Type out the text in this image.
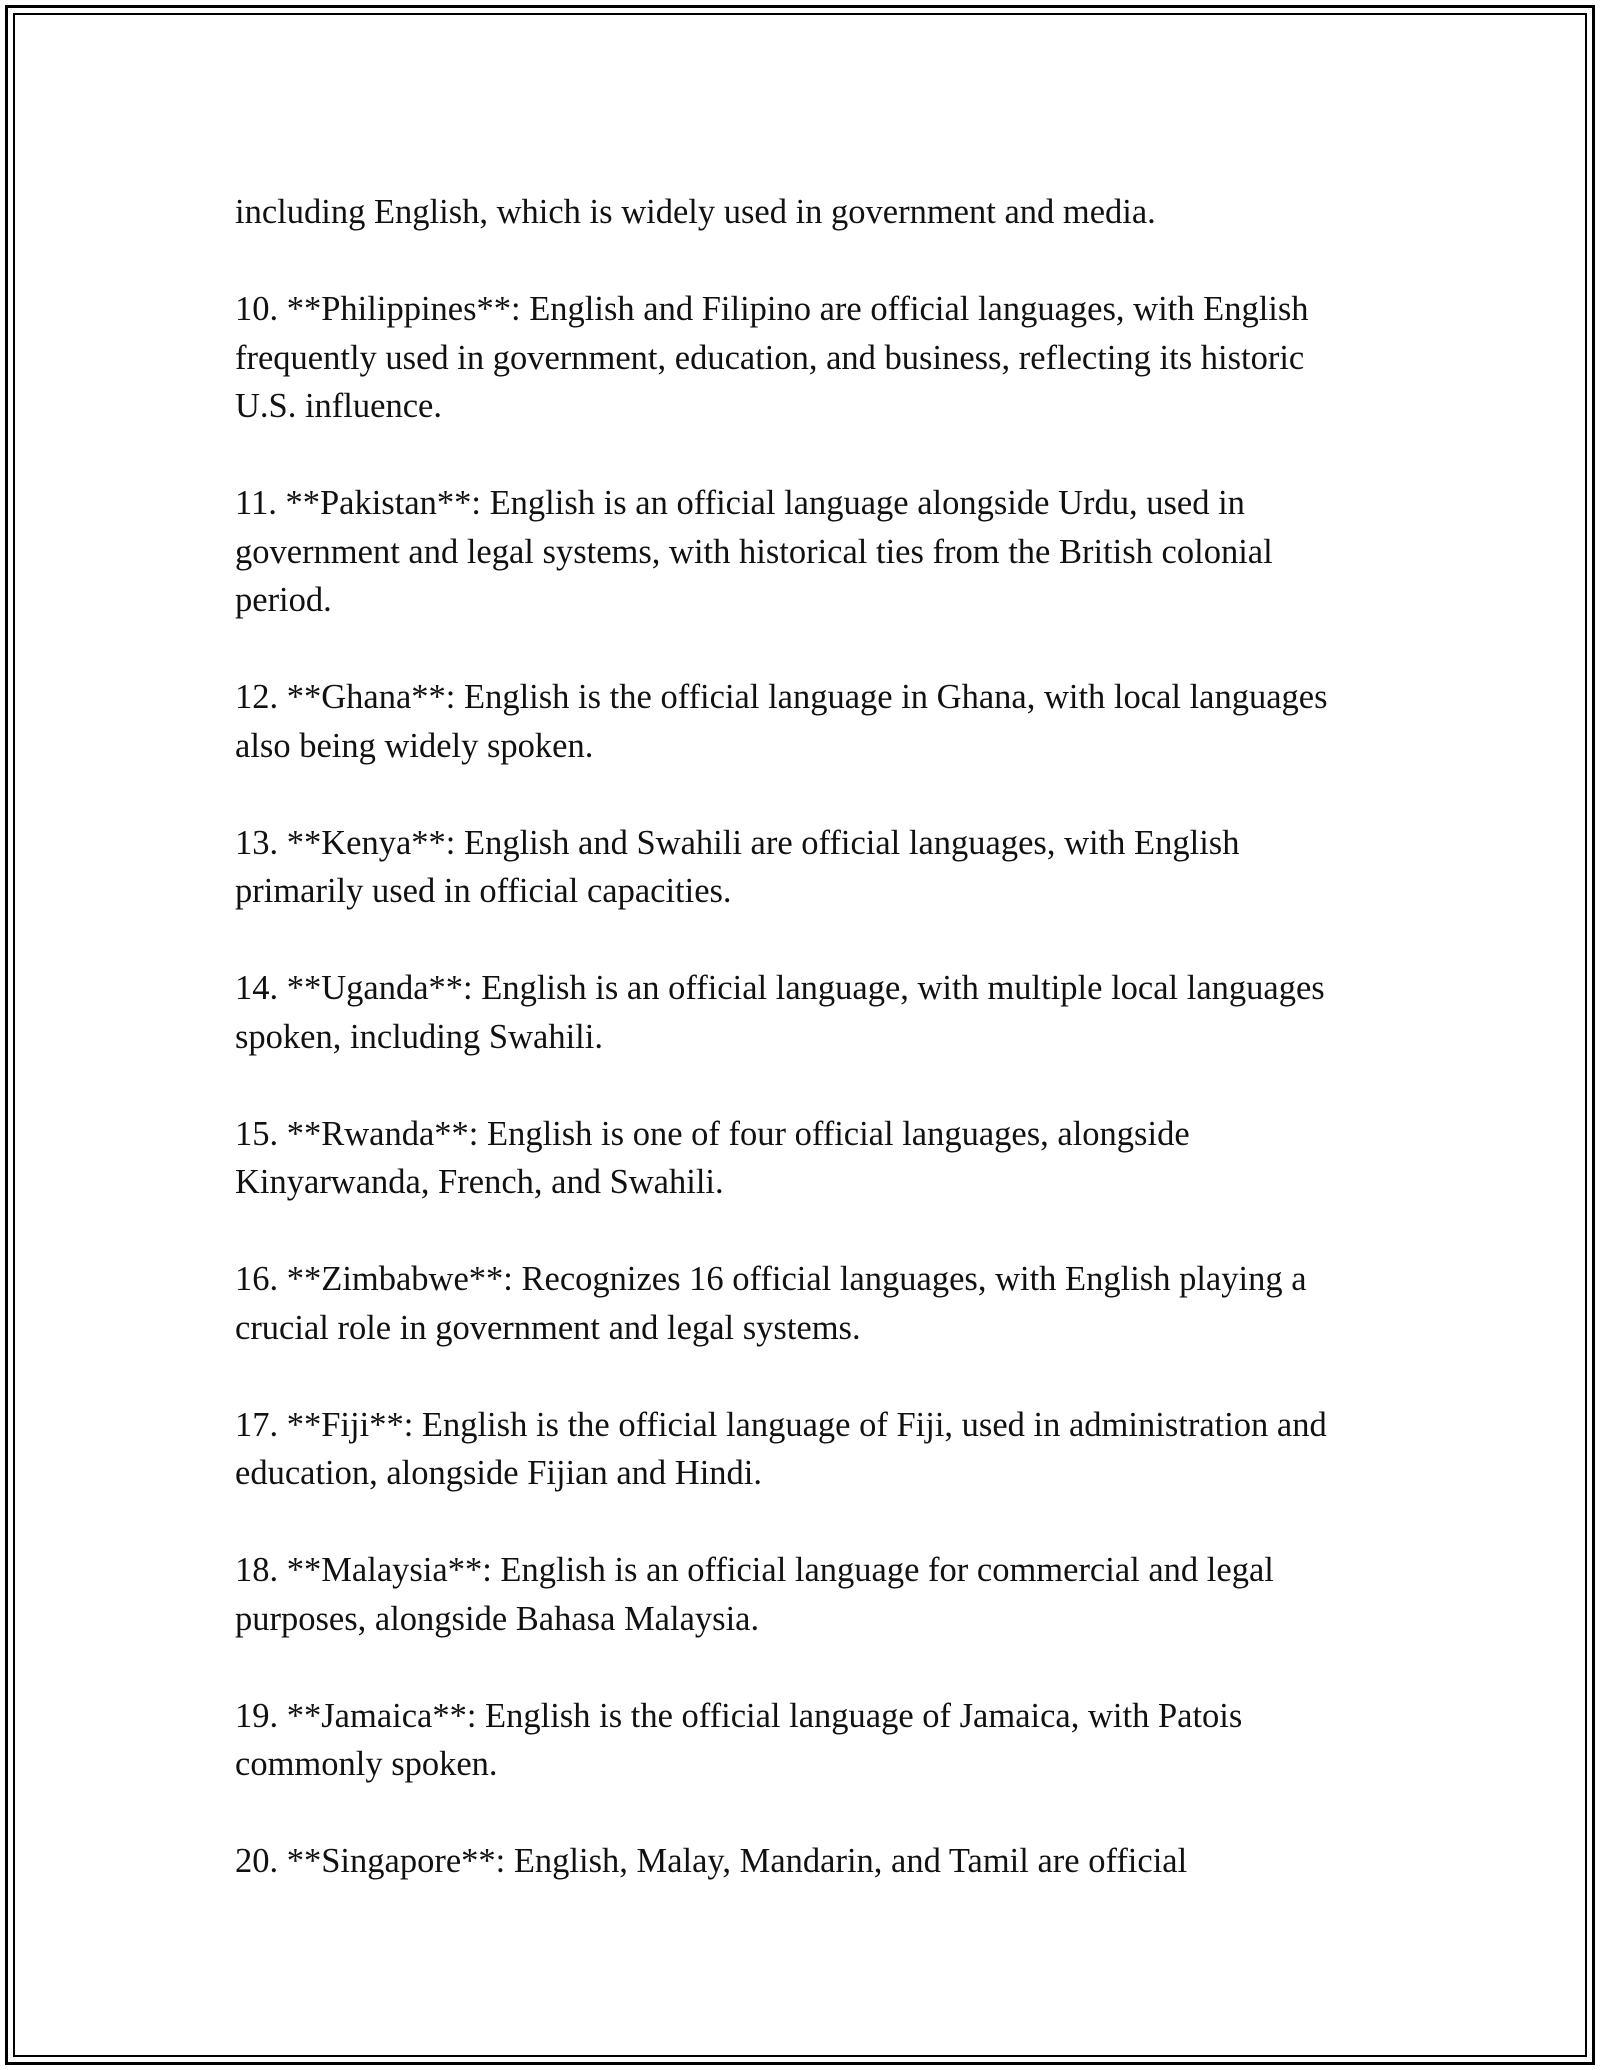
including English, which is widely used in government and media.

10. **Philippines**: English and Filipino are official languages, with English frequently used in government, education, and business, reflecting its historic U.S. influence.

11. **Pakistan**: English is an official language alongside Urdu, used in government and legal systems, with historical ties from the British colonial period.

12. **Ghana**: English is the official language in Ghana, with local languages also being widely spoken.

13. **Kenya**: English and Swahili are official languages, with English primarily used in official capacities.

14. **Uganda**: English is an official language, with multiple local languages spoken, including Swahili.

15. **Rwanda**: English is one of four official languages, alongside Kinyarwanda, French, and Swahili.

16. **Zimbabwe**: Recognizes 16 official languages, with English playing a crucial role in government and legal systems.

17. **Fiji**: English is the official language of Fiji, used in administration and education, alongside Fijian and Hindi.

18. **Malaysia**: English is an official language for commercial and legal purposes, alongside Bahasa Malaysia.

19. **Jamaica**: English is the official language of Jamaica, with Patois commonly spoken.

20. **Singapore**: English, Malay, Mandarin, and Tamil are official
